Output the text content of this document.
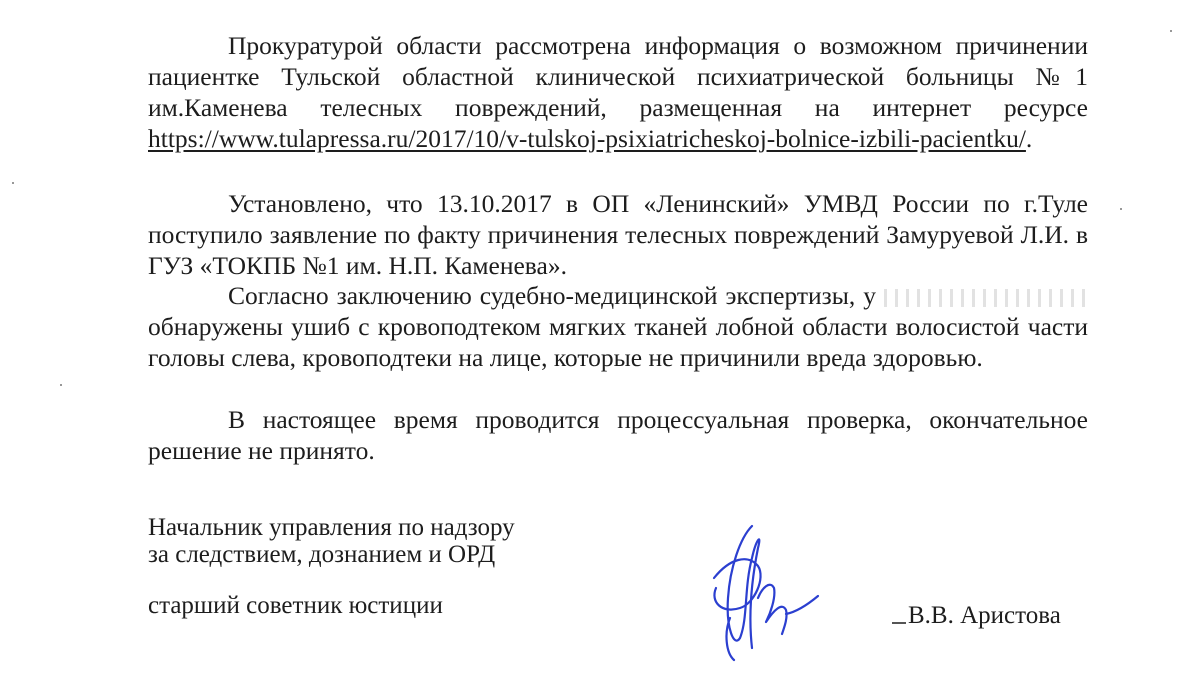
Прокуратурой области рассмотрена информация о возможном причинении пациентке Тульской областной клинической психиатрической больницы №1 им.Каменева телесных повреждений, размещенная на интернет ресурсе https://www.tulapressa.ru/2017/10/v-tulskoj-psixiatricheskoj-bolnice-izbili-pacientku/.
Установлено, что 13.10.2017 в ОП «Ленинский» УМВД России по г.Туле поступило заявление по факту причинения телесных повреждений Замуруевой Л.И. в ГУЗ «ТОКПБ №1 им. Н.П. Каменева».
Согласно заключению судебно-медицинской экспертизы, у  обнаружены ушиб с кровоподтеком мягких тканей лобной области волосистой части головы слева, кровоподтеки на лице, которые не причинили вреда здоровью.
В настоящее время проводится процессуальная проверка, окончательное решение не принято.
Начальник управления по надзору
за следствием, дознанием и ОРД
старший советник юстиции	В.В. Аристова
